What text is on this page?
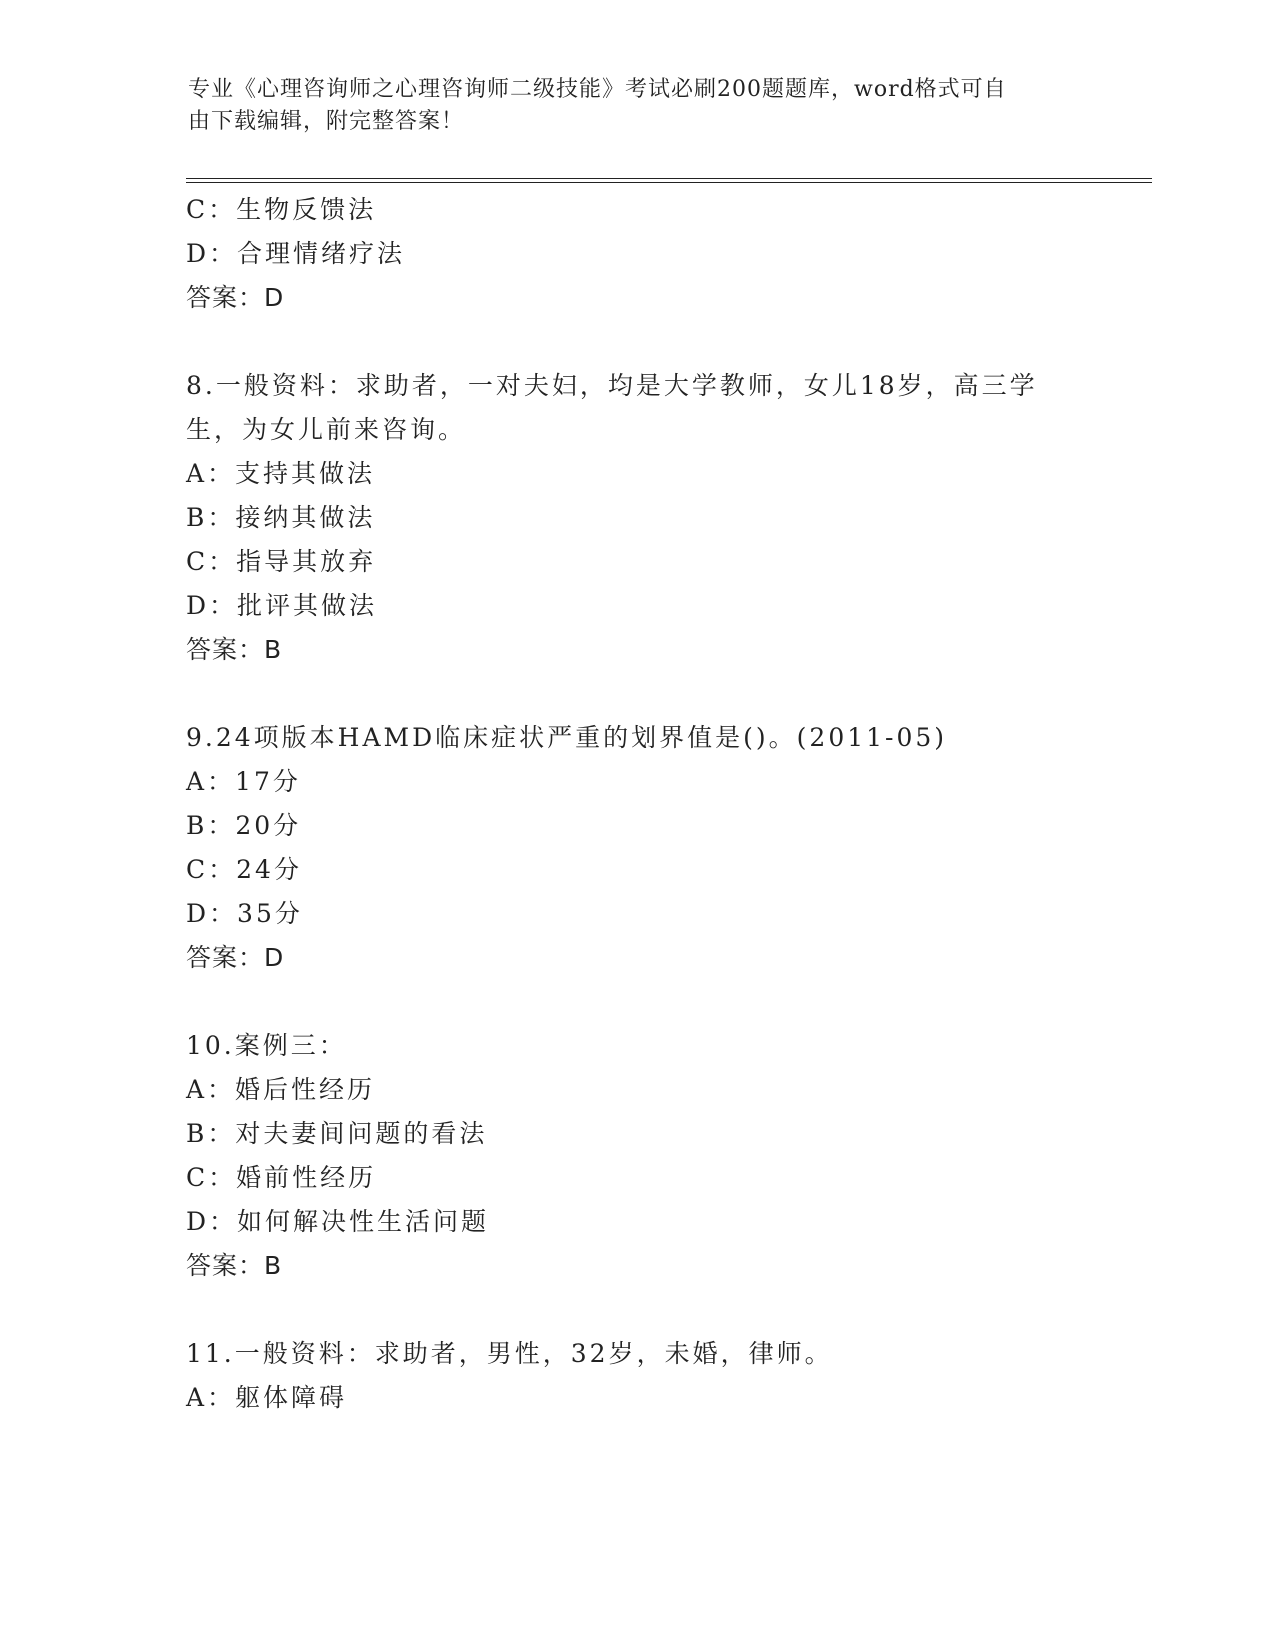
专业《心理咨询师之心理咨询师二级技能》考试必刷200题题库，word格式可自
由下载编辑，附完整答案！
C：生物反馈法
D：合理情绪疗法
答案：D
8.一般资料：求助者，一对夫妇，均是大学教师，女儿18岁，高三学
生，为女儿前来咨询。
A：支持其做法
B：接纳其做法
C：指导其放弃
D：批评其做法
答案：B
9.24项版本HAMD临床症状严重的划界值是()。(2011-05)
A：17分
B：20分
C：24分
D：35分
答案：D
10.案例三：
A：婚后性经历
B：对夫妻间问题的看法
C：婚前性经历
D：如何解决性生活问题
答案：B
11.一般资料：求助者，男性，32岁，未婚，律师。
A：躯体障碍
